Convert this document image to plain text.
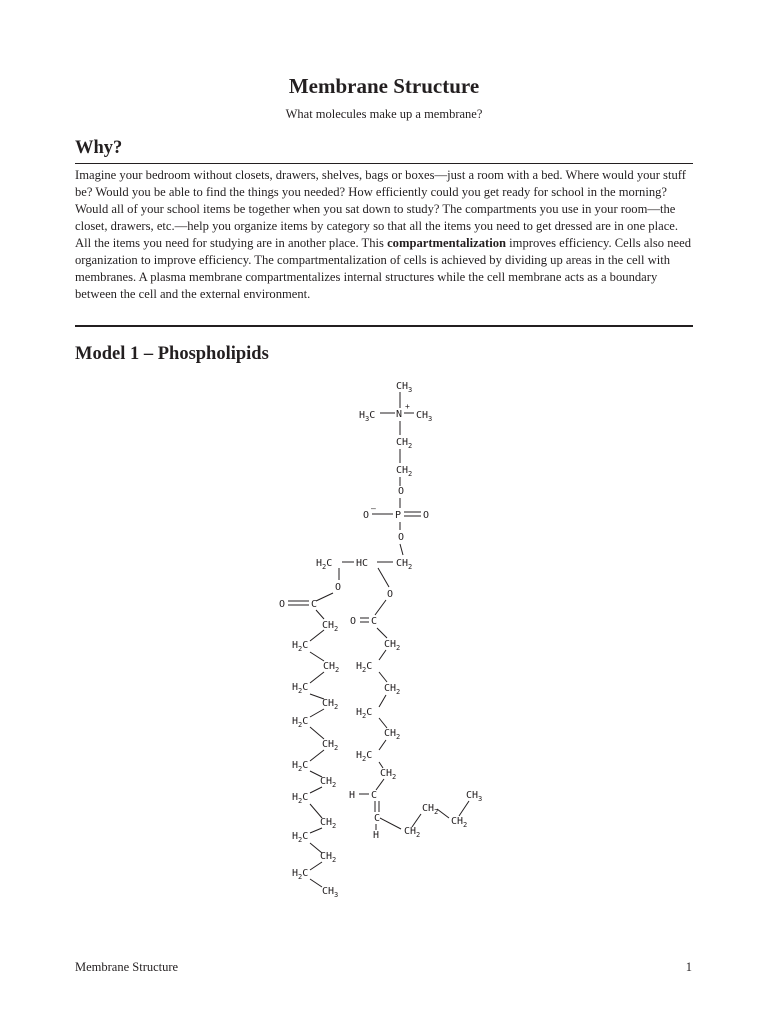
Membrane Structure

What molecules make up a membrane?

Why?

Imagine your bedroom without closets, drawers, shelves, bags or boxes—just a room with a bed. Where would your stuff be? Would you be able to find the things you needed? How efficiently could you get ready for school in the morning? Would all of your school items be together when you sat down to study? The compartments you use in your room—the closet, drawers, etc.—help you organize items by category so that all the items you need to get dressed are in one place. All the items you need for studying are in another place. This compartmentalization improves efficiency. Cells also need organization to improve efficiency. The compartmentalization of cells is achieved by dividing up areas in the cell with membranes. A plasma membrane compartmentalizes internal structures while the cell membrane acts as a boundary between the cell and the external environment.

Model 1 – Phospholipids
$CH_3$
+
$H_3C$ N $CH_3$
$CH_2$
$CH_2$
O
–
O	P O
O
$H_2C$ HC	$CH_2$
O
O
O	C
O C
$CH_2$
$CH_2$
$H_2C$
$CH_2$ $H_2C$
$H_2C$	$CH_2$
$CH_2$
$H_2C$
$H_2C$
$CH_2$
$CH_2$
$H_2C$
$H_2C$
$CH_2$
$CH_2$
$H_2C$	H C	$CH_3$
$CH_2$
$CH_2$
C
$CH_2$	$CH_2$
H
$H_2C$
$CH_2$
$H_2C$
$CH_3$
Membrane Structure	1
